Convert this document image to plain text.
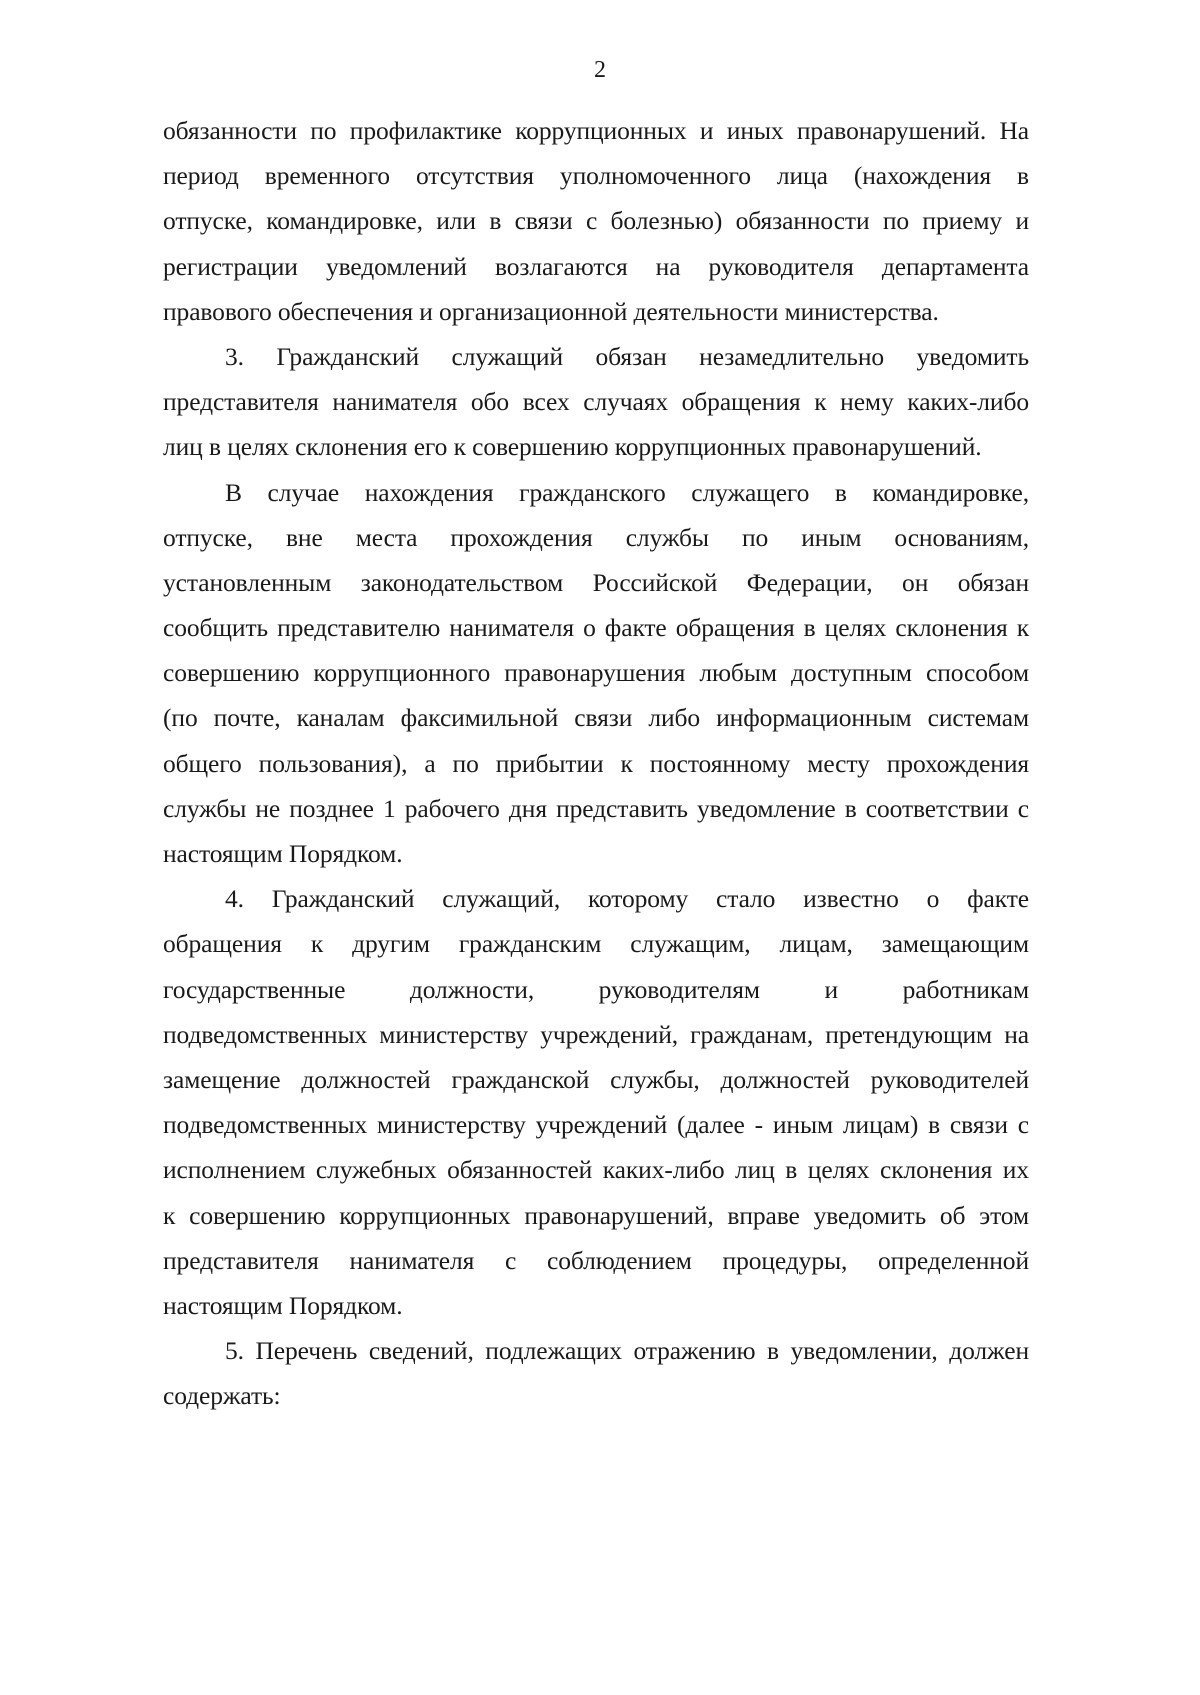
2
обязанности по профилактике коррупционных и иных правонарушений. На
период временного отсутствия уполномоченного лица (нахождения в
отпуске, командировке, или в связи с болезнью) обязанности по приему и
регистрации уведомлений возлагаются на руководителя департамента
правового обеспечения и организационной деятельности министерства.
3. Гражданский служащий обязан незамедлительно уведомить
представителя нанимателя обо всех случаях обращения к нему каких-либо
лиц в целях склонения его к совершению коррупционных правонарушений.
В случае нахождения гражданского служащего в командировке,
отпуске, вне места прохождения службы по иным основаниям,
установленным законодательством Российской Федерации, он обязан
сообщить представителю нанимателя о факте обращения в целях склонения к
совершению коррупционного правонарушения любым доступным способом
(по почте, каналам факсимильной связи либо информационным системам
общего пользования), а по прибытии к постоянному месту прохождения
службы не позднее 1 рабочего дня представить уведомление в соответствии с
настоящим Порядком.
4. Гражданский служащий, которому стало известно о факте
обращения к другим гражданским служащим, лицам, замещающим
государственные должности, руководителям и работникам
подведомственных министерству учреждений, гражданам, претендующим на
замещение должностей гражданской службы, должностей руководителей
подведомственных министерству учреждений (далее - иным лицам) в связи с
исполнением служебных обязанностей каких-либо лиц в целях склонения их
к совершению коррупционных правонарушений, вправе уведомить об этом
представителя нанимателя с соблюдением процедуры, определенной
настоящим Порядком.
5. Перечень сведений, подлежащих отражению в уведомлении, должен
содержать:
